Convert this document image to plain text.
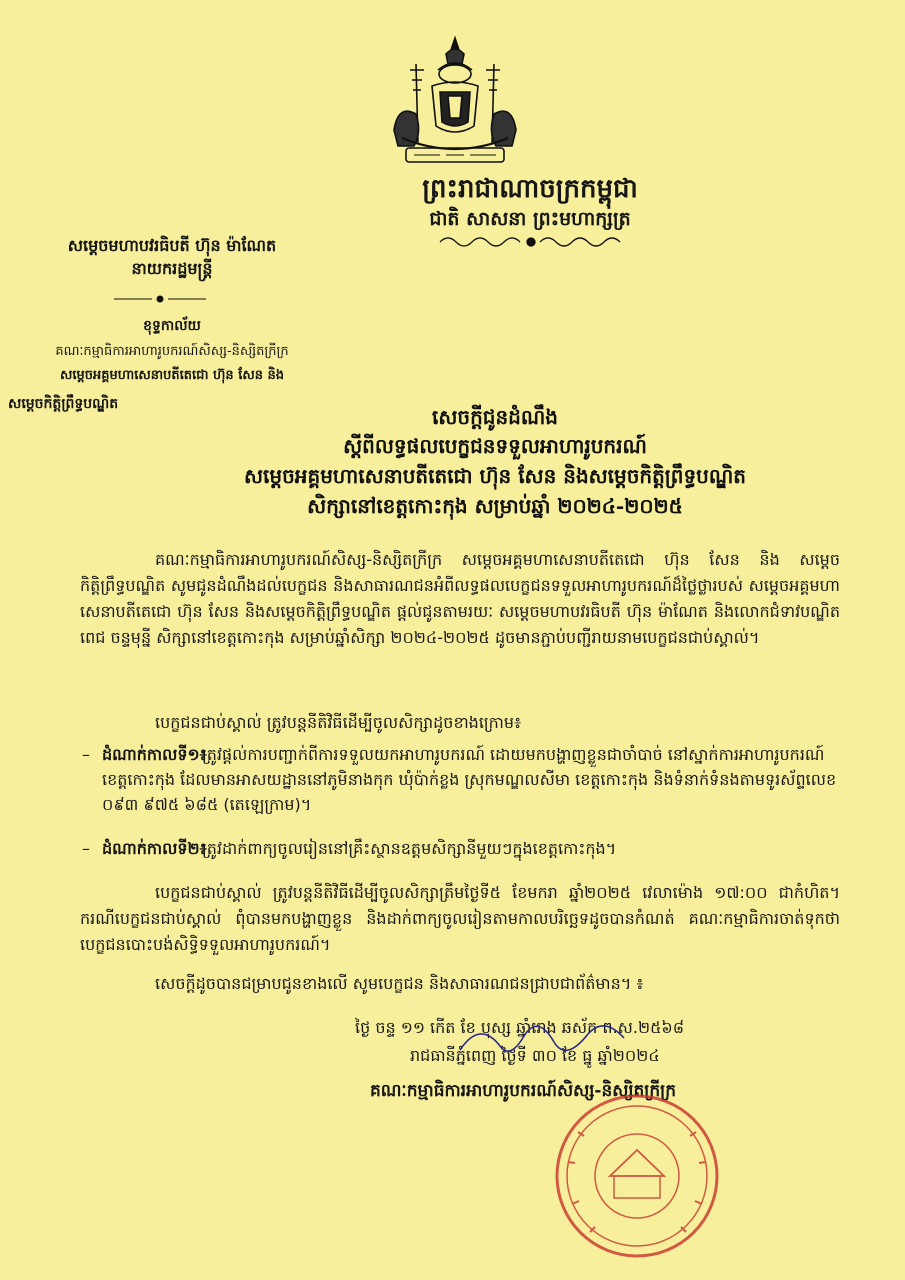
ព្រះរាជាណាចក្រកម្ពុជា
ជាតិ សាសនា ព្រះមហាក្សត្រ
សម្ដេចមហាបវរធិបតី ហ៊ុន ម៉ាណែត
នាយករដ្ឋមន្ត្រី
ខុទ្ទកាល័យ
គណៈកម្មាធិការអាហារូបករណ៍សិស្ស-និស្សិតក្រីក្រ
សម្ដេចអគ្គមហាសេនាបតីតេជោ ហ៊ុន សែន និង
សម្ដេចកិត្តិព្រឹទ្ធបណ្ឌិត
សេចក្ដីជូនដំណឹង
ស្ដីពីលទ្ធផលបេក្ខជនទទួលអាហារូបករណ៍
សម្ដេចអគ្គមហាសេនាបតីតេជោ ហ៊ុន សែន និងសម្ដេចកិត្តិព្រឹទ្ធបណ្ឌិត
សិក្សានៅខេត្តកោះកុង សម្រាប់ឆ្នាំ ២០២៤-២០២៥
គណៈកម្មាធិការអាហារូបករណ៍សិស្ស-និស្សិតក្រីក្រ សម្ដេចអគ្គមហាសេនាបតីតេជោ ហ៊ុន សែន និង សម្ដេចកិត្តិព្រឹទ្ធបណ្ឌិត សូមជូនដំណឹងដល់បេក្ខជន និងសាធារណជនអំពីលទ្ធផលបេក្ខជនទទួលអាហារូបករណ៍ដ៏ថ្លៃថ្លារបស់ សម្ដេចអគ្គមហាសេនាបតីតេជោ ហ៊ុន សែន និងសម្ដេចកិត្តិព្រឹទ្ធបណ្ឌិត ផ្ដល់ជូនតាមរយៈ សម្ដេចមហាបវរធិបតី ហ៊ុន ម៉ាណែត និងលោកជំទាវបណ្ឌិត ពេជ ចន្ទមុន្នី សិក្សានៅខេត្តកោះកុង សម្រាប់ឆ្នាំសិក្សា ២០២៤-២០២៥ ដូចមានភ្ជាប់បញ្ជីរាយនាមបេក្ខជនជាប់ស្គាល់។
បេក្ខជនជាប់ស្គាល់ ត្រូវបន្តនីតិវិធីដើម្បីចូលសិក្សាដូចខាងក្រោម៖
– ដំណាក់កាលទី១៖
ត្រូវផ្ដល់ការបញ្ជាក់ពីការទទួលយកអាហារូបករណ៍ ដោយមកបង្ហាញខ្លួនជាចាំបាច់ នៅស្នាក់ការអាហារូបករណ៍ខេត្តកោះកុង ដែលមានអាសយដ្ឋាននៅភូមិនាងកុក ឃុំប៉ាក់ខ្លង ស្រុកមណ្ឌលសីមា ខេត្តកោះកុង និងទំនាក់ទំនងតាមទូរស័ព្ទលេខ ០៩៣ ៩៧៥ ៦៨៥ (តេឡេក្រាម)។
– ដំណាក់កាលទី២៖
ត្រូវដាក់ពាក្យចូលរៀននៅគ្រឹះស្ថានឧត្ដមសិក្សានីមួយៗក្នុងខេត្តកោះកុង។
បេក្ខជនជាប់ស្គាល់ ត្រូវបន្តនីតិវិធីដើម្បីចូលសិក្សាត្រឹមថ្ងៃទី៥ ខែមករា ឆ្នាំ២០២៥ វេលាម៉ោង ១៧:០០ ជាកំហិត។ ករណីបេក្ខជនជាប់ស្គាល់ ពុំបានមកបង្ហាញខ្លួន និងដាក់ពាក្យចូលរៀនតាមកាលបរិច្ឆេទដូចបានកំណត់ គណៈកម្មាធិការចាត់ទុកថាបេក្ខជនបោះបង់សិទ្ធិទទួលអាហារូបករណ៍។
សេចក្ដីដូចបានជម្រាបជូនខាងលើ សូមបេក្ខជន និងសាធារណជនជ្រាបជាព័ត៌មាន។ ៖
ថ្ងៃ ចន្ទ ១១ កើត ខែ បុស្ស ឆ្នាំរោង ឆស័ក ព.ស.២៥៦៨
រាជធានីភ្នំពេញ ថ្ងៃទី ៣០ ខែ ធ្នូ ឆ្នាំ២០២៤
គណៈកម្មាធិការអាហារូបករណ៍សិស្ស-និស្សិតក្រីក្រ
